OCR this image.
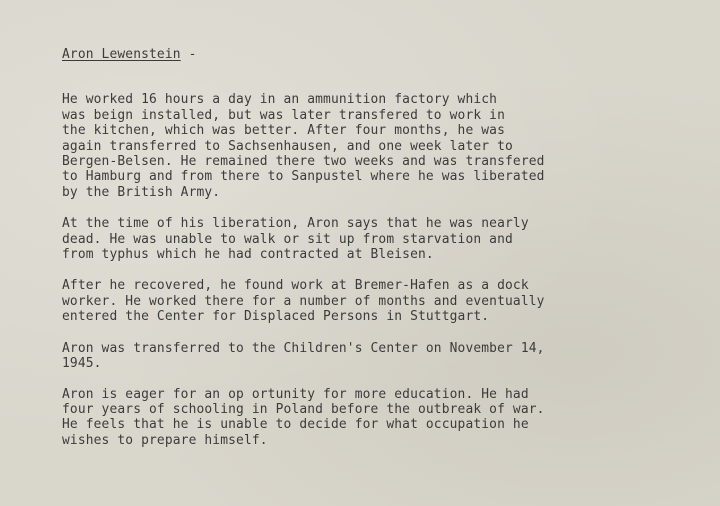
Aron Lewenstein -
He worked 16 hours a day in an ammunition factory which
was beign installed, but was later transfered to work in
the kitchen, which was better. After four months, he was
again transferred to Sachsenhausen, and one week later to
Bergen-Belsen. He remained there two weeks and was transfered
to Hamburg and from there to Sanpustel where he was liberated
by the British Army.
At the time of his liberation, Aron says that he was nearly
dead. He was unable to walk or sit up from starvation and
from typhus which he had contracted at Bleisen.
After he recovered, he found work at Bremer-Hafen as a dock
worker. He worked there for a number of months and eventually
entered the Center for Displaced Persons in Stuttgart.
Aron was transferred to the Children's Center on November 14,
1945.
Aron is eager for an op ortunity for more education. He had
four years of schooling in Poland before the outbreak of war.
He feels that he is unable to decide for what occupation he
wishes to prepare himself.
